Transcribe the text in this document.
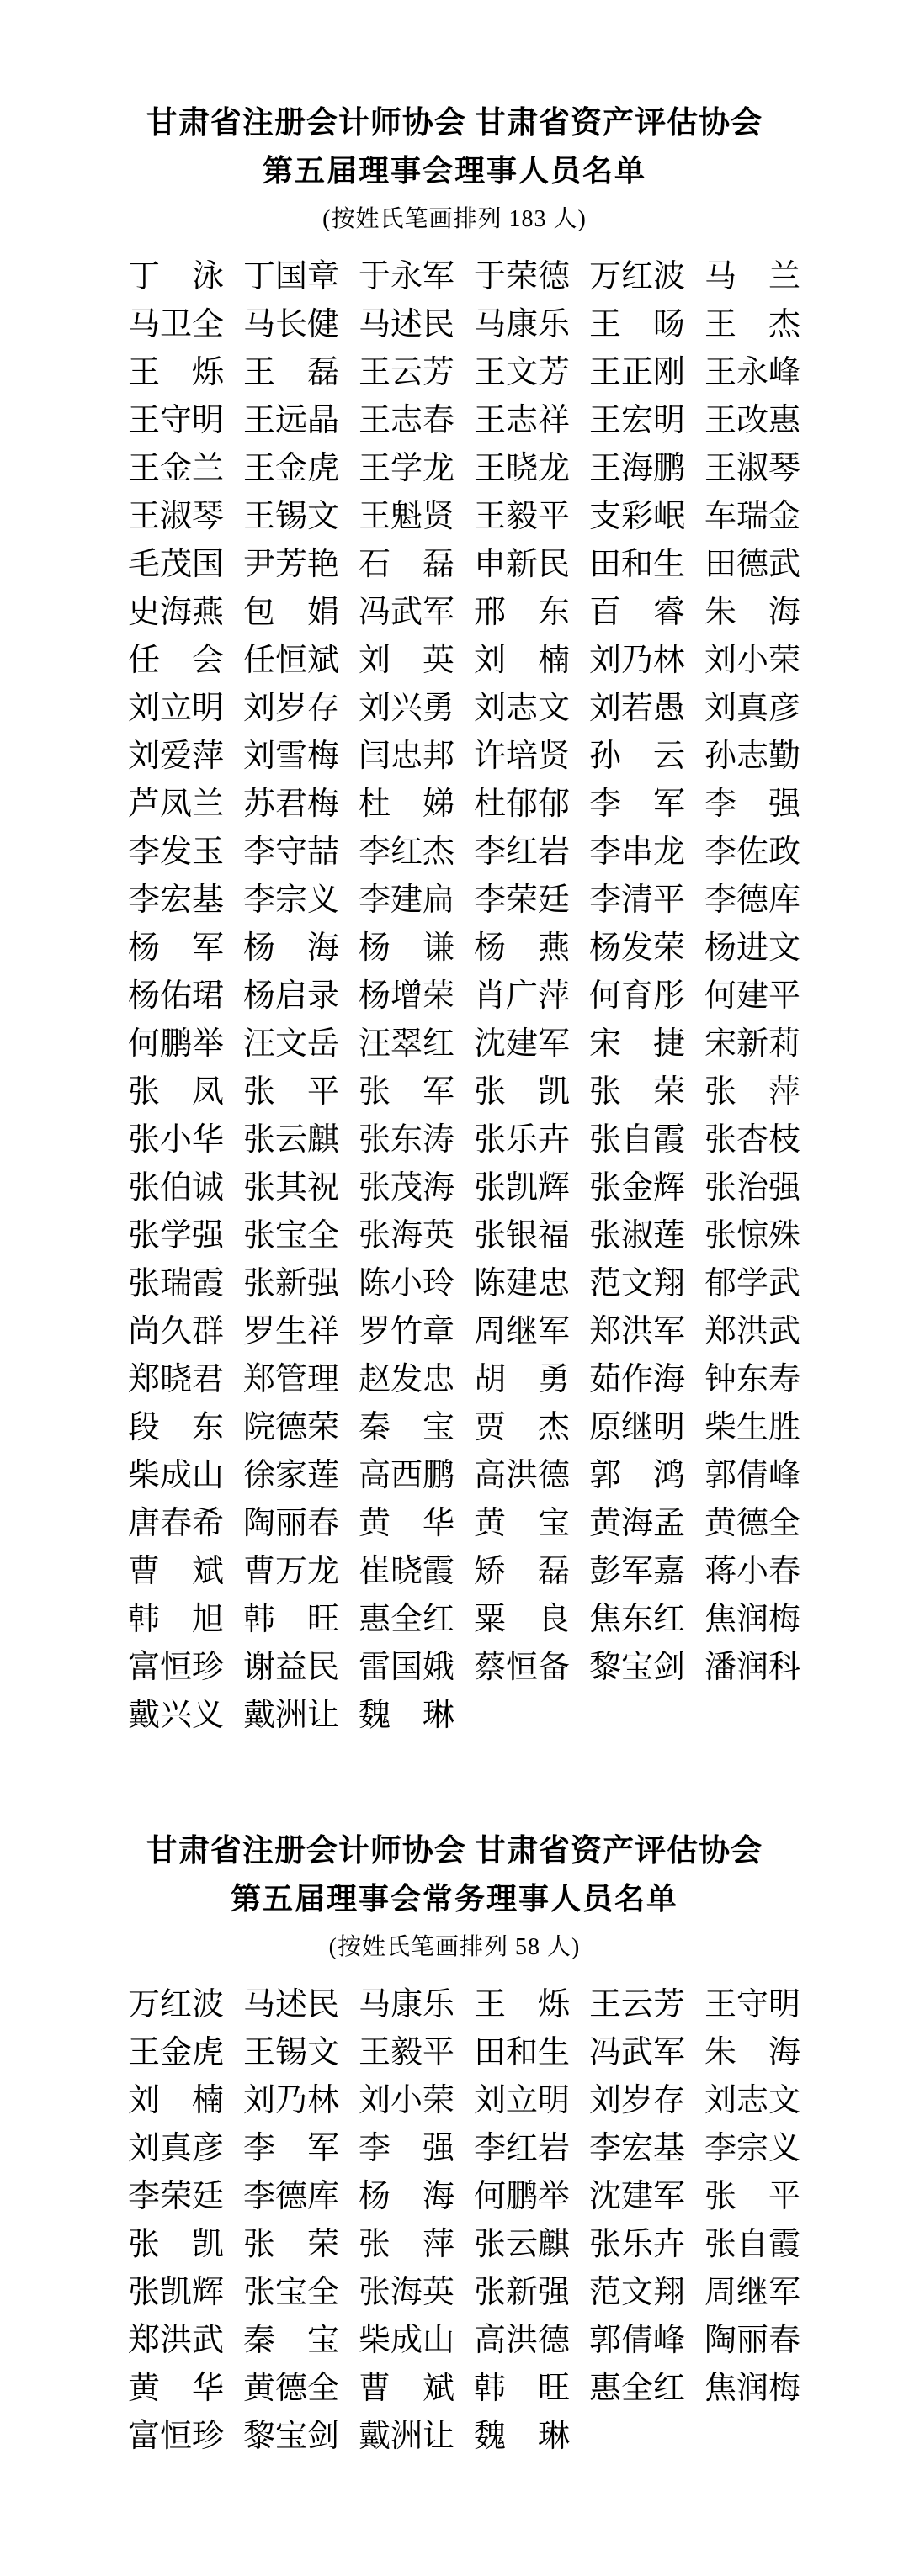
甘肃省注册会计师协会 甘肃省资产评估协会
第五届理事会理事人员名单
(按姓氏笔画排列 183 人)
丁　泳 丁国章 于永军 于荣德 万红波 马　兰
马卫全 马长健 马述民 马康乐 王　旸 王　杰
王　烁 王　磊 王云芳 王文芳 王正刚 王永峰
王守明 王远晶 王志春 王志祥 王宏明 王改惠
王金兰 王金虎 王学龙 王晓龙 王海鹏 王淑琴
王淑琴 王锡文 王魁贤 王毅平 支彩岷 车瑞金
毛茂国 尹芳艳 石　磊 申新民 田和生 田德武
史海燕 包　娟 冯武军 邢　东 百　睿 朱　海
任　会 任恒斌 刘　英 刘　楠 刘乃林 刘小荣
刘立明 刘岁存 刘兴勇 刘志文 刘若愚 刘真彦
刘爱萍 刘雪梅 闫忠邦 许培贤 孙　云 孙志勤
芦凤兰 苏君梅 杜　娣 杜郁郁 李　军 李　强
李发玉 李守喆 李红杰 李红岩 李串龙 李佐政
李宏基 李宗义 李建扁 李荣廷 李清平 李德库
杨　军 杨　海 杨　谦 杨　燕 杨发荣 杨进文
杨佑珺 杨启录 杨增荣 肖广萍 何育彤 何建平
何鹏举 汪文岳 汪翠红 沈建军 宋　捷 宋新莉
张　凤 张　平 张　军 张　凯 张　荣 张　萍
张小华 张云麒 张东涛 张乐卉 张自霞 张杏枝
张伯诚 张其祝 张茂海 张凯辉 张金辉 张治强
张学强 张宝全 张海英 张银福 张淑莲 张惊殊
张瑞霞 张新强 陈小玲 陈建忠 范文翔 郁学武
尚久群 罗生祥 罗竹章 周继军 郑洪军 郑洪武
郑晓君 郑管理 赵发忠 胡　勇 茹作海 钟东寿
段　东 院德荣 秦　宝 贾　杰 原继明 柴生胜
柴成山 徐家莲 高西鹏 高洪德 郭　鸿 郭倩峰
唐春希 陶丽春 黄　华 黄　宝 黄海孟 黄德全
曹　斌 曹万龙 崔晓霞 矫　磊 彭军嘉 蒋小春
韩　旭 韩　旺 惠全红 粟　良 焦东红 焦润梅
富恒珍 谢益民 雷国娥 蔡恒备 黎宝剑 潘润科
戴兴义 戴洲让 魏　琳
甘肃省注册会计师协会 甘肃省资产评估协会
第五届理事会常务理事人员名单
(按姓氏笔画排列 58 人)
万红波 马述民 马康乐 王　烁 王云芳 王守明
王金虎 王锡文 王毅平 田和生 冯武军 朱　海
刘　楠 刘乃林 刘小荣 刘立明 刘岁存 刘志文
刘真彦 李　军 李　强 李红岩 李宏基 李宗义
李荣廷 李德库 杨　海 何鹏举 沈建军 张　平
张　凯 张　荣 张　萍 张云麒 张乐卉 张自霞
张凯辉 张宝全 张海英 张新强 范文翔 周继军
郑洪武 秦　宝 柴成山 高洪德 郭倩峰 陶丽春
黄　华 黄德全 曹　斌 韩　旺 惠全红 焦润梅
富恒珍 黎宝剑 戴洲让 魏　琳
